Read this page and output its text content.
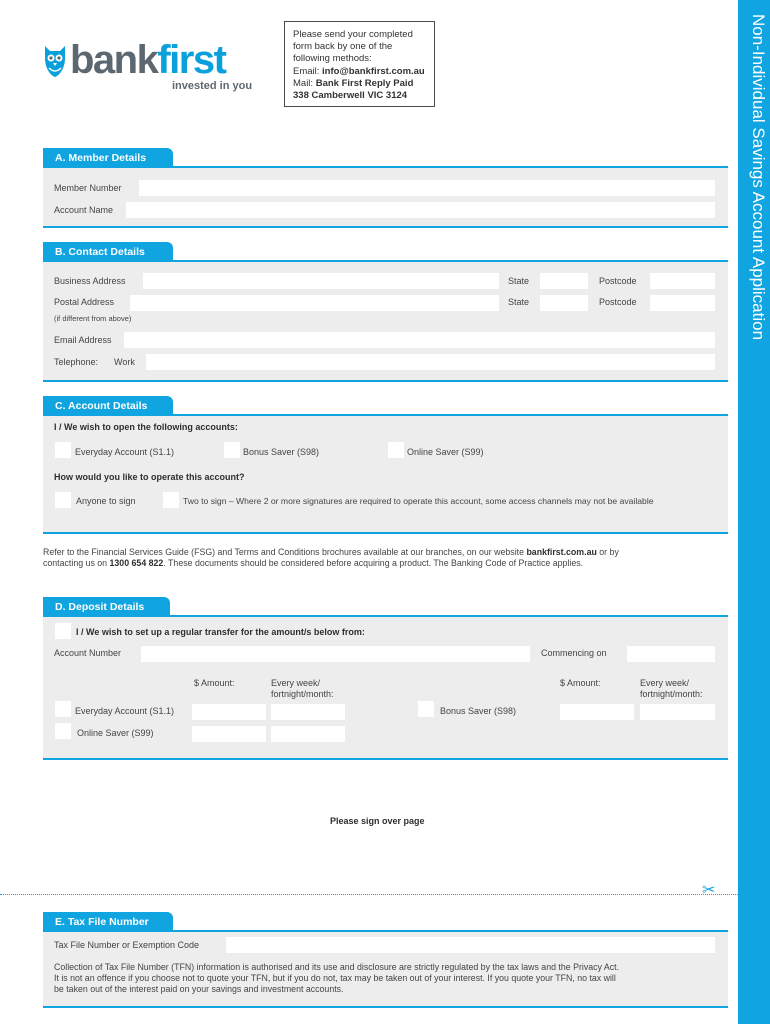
bankfirst
invested in you
Please send your completed
form back by one of the
following methods:
Email: info@bankfirst.com.au
Mail: Bank First Reply Paid
338 Camberwell VIC 3124	Non-Individual Savings Account Application
A. Member Details
Member Number
Account Name
B. Contact Details
Business Address	State	Postcode
Postal Address	State	Postcode
(if different from above)
Email Address
Telephone: Work
C. Account Details
I / We wish to open the following accounts:
Everyday Account (S1.1)	Bonus Saver (S98)	Online Saver (S99)
How would you like to operate this account?
Anyone to sign	Two to sign – Where 2 or more signatures are required to operate this account, some access channels may not be available
Refer to the Financial Services Guide (FSG) and Terms and Conditions brochures available at our branches, on our website bankfirst.com.au or by
contacting us on 1300 654 822. These documents should be considered before acquiring a product. The Banking Code of Practice applies.
D. Deposit Details
I / We wish to set up a regular transfer for the amount/s below from:
Account Number	Commencing on
$ Amount:	Every week/
fortnight/month:
$ Amount:	Every week/
fortnight/month:
Everyday Account (S1.1)	Bonus Saver (S98)
Online Saver (S99)
Please sign over page
✂
E. Tax File Number
Tax File Number or Exemption Code
Collection of Tax File Number (TFN) information is authorised and its use and disclosure are strictly regulated by the tax laws and the Privacy Act.
It is not an offence if you choose not to quote your TFN, but if you do not, tax may be taken out of your interest. If you quote your TFN, no tax will
be taken out of the interest paid on your savings and investment accounts.
